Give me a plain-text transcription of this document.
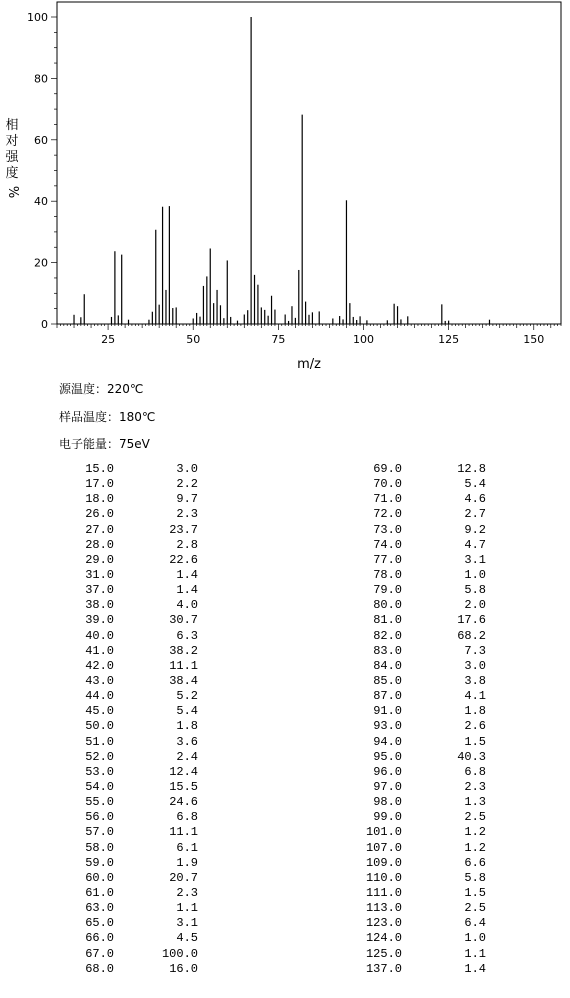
0
20
40
60
80
100
25	50	75	100	125	150
m/z
相
对
强
度
%
源温度：220℃
样品温度：180℃
电子能量：75eV
15.0	3.0
17.0	2.2
18.0	9.7
26.0	2.3
27.0	23.7
28.0	2.8
29.0	22.6
31.0	1.4
37.0	1.4
38.0	4.0
39.0	30.7
40.0	6.3
41.0	38.2
42.0	11.1
43.0	38.4
44.0	5.2
45.0	5.4
50.0	1.8
51.0	3.6
52.0	2.4
53.0	12.4
54.0	15.5
55.0	24.6
56.0	6.8
57.0	11.1
58.0	6.1
59.0	1.9
60.0	20.7
61.0	2.3
63.0	1.1
65.0	3.1
66.0	4.5
67.0	100.0
68.0	16.0
69.0	12.8
70.0	5.4
71.0	4.6
72.0	2.7
73.0	9.2
74.0	4.7
77.0	3.1
78.0	1.0
79.0	5.8
80.0	2.0
81.0	17.6
82.0	68.2
83.0	7.3
84.0	3.0
85.0	3.8
87.0	4.1
91.0	1.8
93.0	2.6
94.0	1.5
95.0	40.3
96.0	6.8
97.0	2.3
98.0	1.3
99.0	2.5
101.0	1.2
107.0	1.2
109.0	6.6
110.0	5.8
111.0	1.5
113.0	2.5
123.0	6.4
124.0	1.0
125.0	1.1
137.0	1.4
